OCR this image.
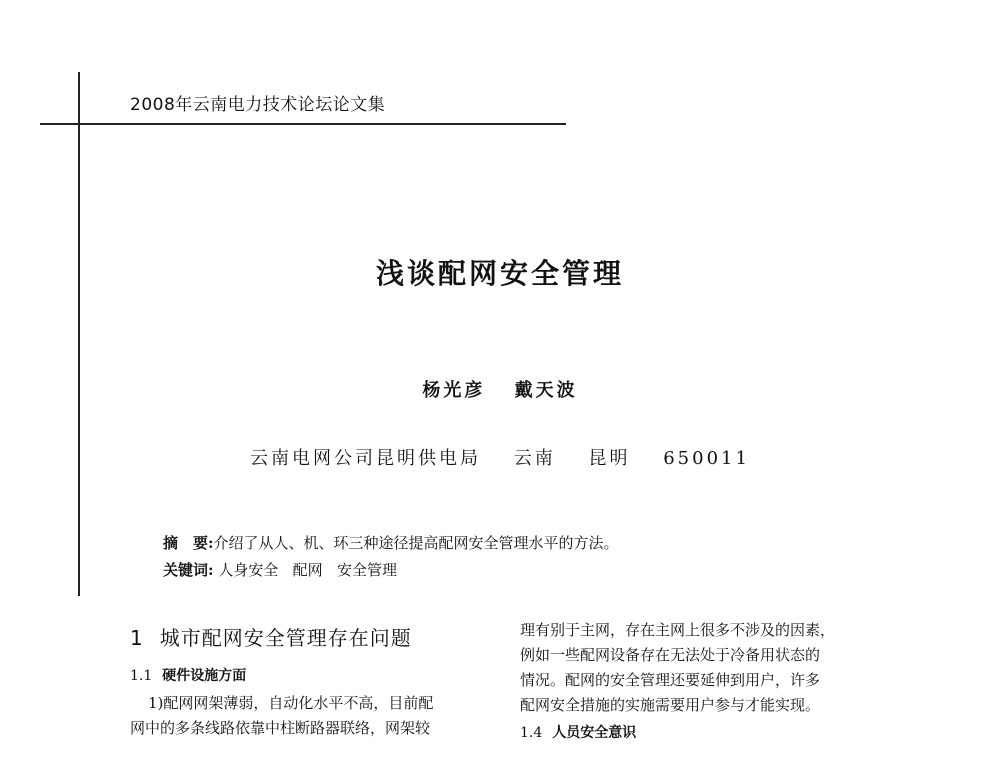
2008年云南电力技术论坛论文集
浅谈配网安全管理
杨光彦 戴天波
云南电网公司昆明供电局 云南 昆明 650011
摘　要:介绍了从人、机、环三种途径提高配网安全管理水平的方法。
关键词: 人身安全 配网 安全管理
1 城市配网安全管理存在问题
1.1 硬件设施方面

1)配网网架薄弱，自动化水平不高，目前配

网中的多条线路依靠中柱断路器联络，网架较

理有别于主网，存在主网上很多不涉及的因素，
例如一些配网设备存在无法处于冷备用状态的
情况。配网的安全管理还要延伸到用户，许多
配网安全措施的实施需要用户参与才能实现。
1.4 人员安全意识
